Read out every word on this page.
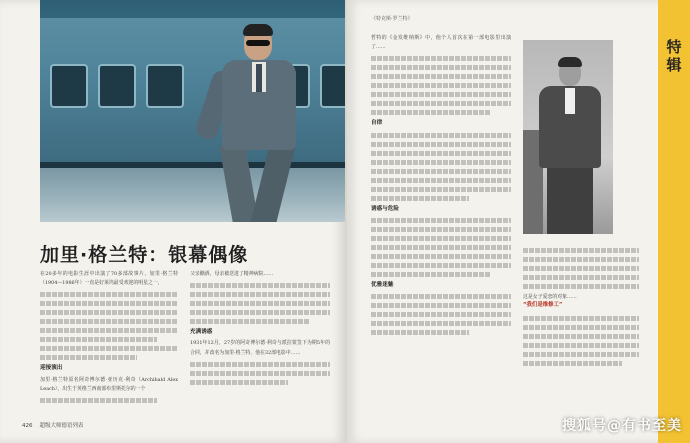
加里·格兰特：银幕偶像

在20多年的电影生涯中出演了70多部故事片，加里·格兰特（1904—1986年）一直是好莱坞最受欢迎的明星之一，

迎接演出

加里·格兰特原名阿奇博尔德·亚历克·利奇（Archibald Alex Leach），出生于英格兰西南部布里斯托尔的一个

父亲酗酒，母亲被送进了精神病院……

充满诱惑

1931年12月，27岁的阿奇博尔德·利奇与派拉蒙签下为期5年的合同，并改名为加里·格兰特，他在32部电影中……

426 超级大师德语列表
《特克斯·罗兰特》

哲特的《金发维纳斯》中，他个人首次在第一部电影里出演了……

自律
诱惑与危险
优雅迷魅

这是女子爱恋的对象……

“我们是维修工”
特辑
搜狐号@有书至美
